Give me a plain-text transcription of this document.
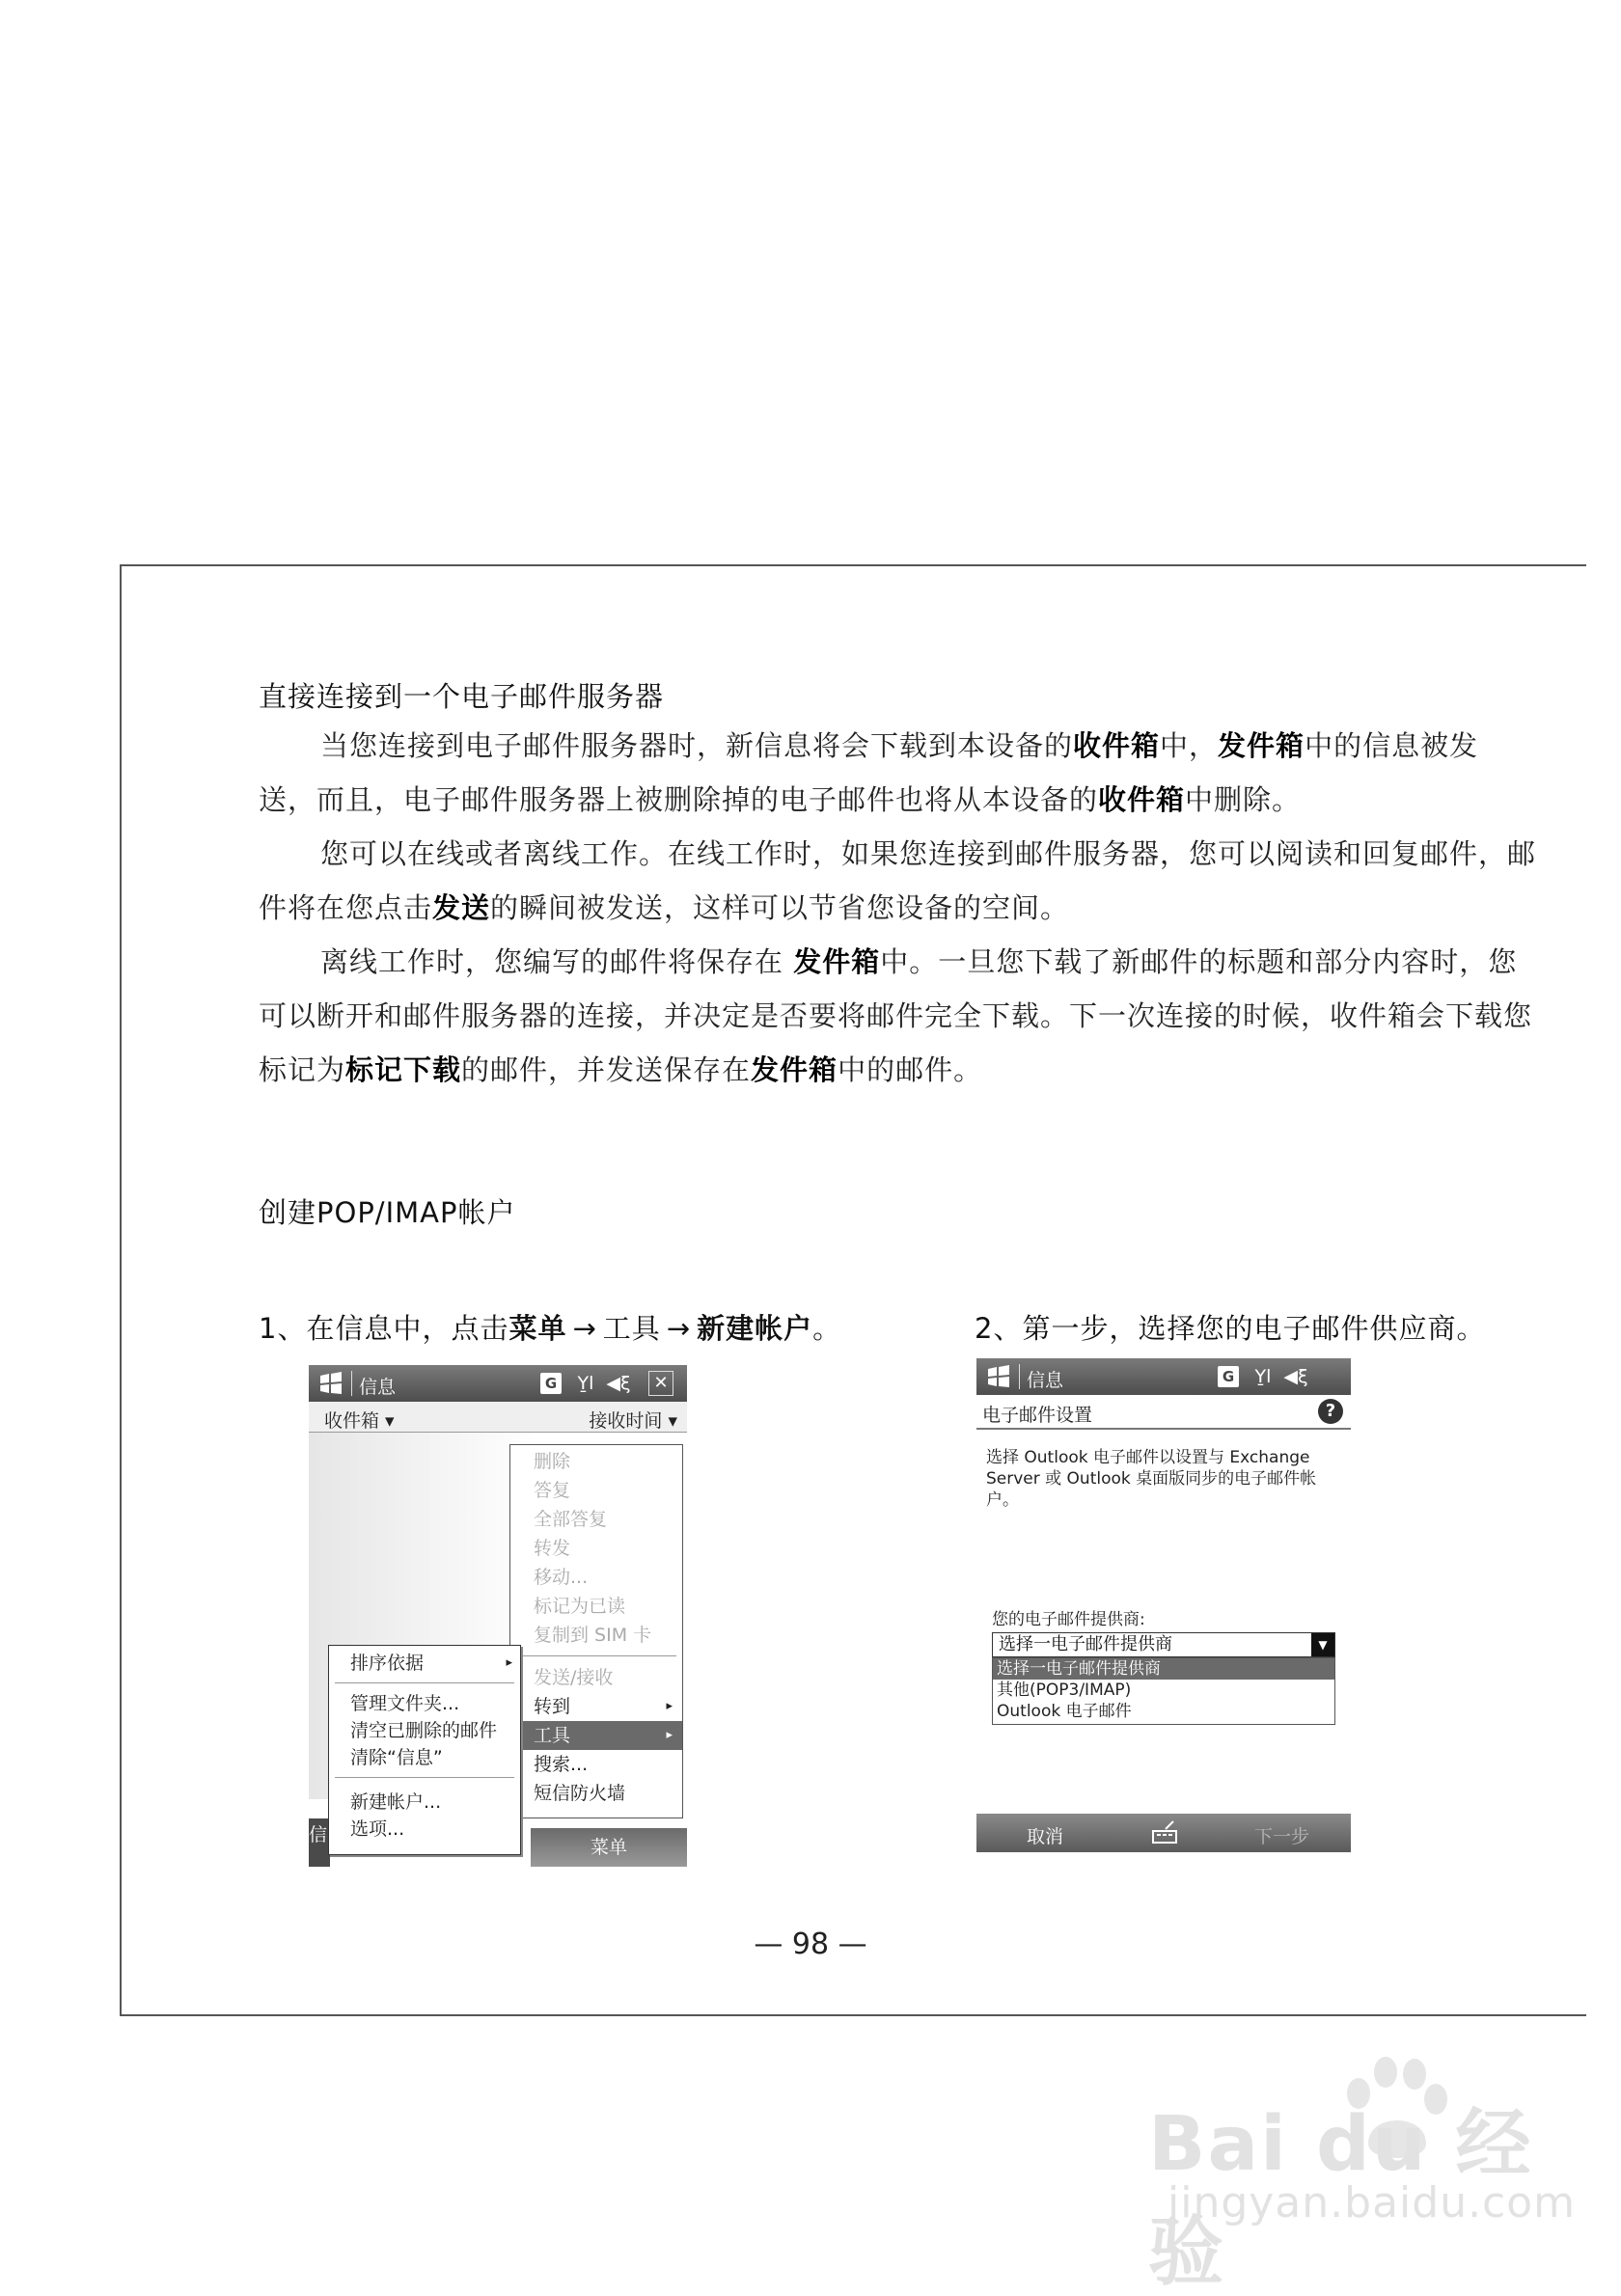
直接连接到一个电子邮件服务器

当您连接到电子邮件服务器时，新信息将会下载到本设备的收件箱中，发件箱中的信息被发送，而且，电子邮件服务器上被删除掉的电子邮件也将从本设备的收件箱中删除。

您可以在线或者离线工作。在线工作时，如果您连接到邮件服务器，您可以阅读和回复邮件，邮件将在您点击发送的瞬间被发送，这样可以节省您设备的空间。

离线工作时，您编写的邮件将保存在 发件箱中。一旦您下载了新邮件的标题和部分内容时，您可以断开和邮件服务器的连接，并决定是否要将邮件完全下载。下一次连接的时候，收件箱会下载您标记为标记下载的邮件，并发送保存在发件箱中的邮件。

创建POP/IMAP帐户
1、在信息中，点击菜单 → 工具 → 新建帐户。	2、第一步，选择您的电子邮件供应商。
信息	G	Y̱l ◀ξ	✕
收件箱 ▾	接收时间 ▾
删除
答复
全部答复
转发
移动...
标记为已读
复制到 SIM 卡
发送/接收
转到	▸
工具	▸
搜索...
短信防火墙
信
菜单
排序依据	▸
管理文件夹...
清空已删除的邮件
清除“信息”
新建帐户...
选项...
信息	G	Y̱l ◀ξ
电子邮件设置	?
选择 Outlook 电子邮件以设置与 Exchange Server 或 Outlook 桌面版同步的电子邮件帐户。
您的电子邮件提供商:
选择一电子邮件提供商	▼
选择一电子邮件提供商
其他(POP3/IMAP)
Outlook 电子邮件
取消	下一步
— 98 —
Bai du 经验
jingyan.baidu.com
